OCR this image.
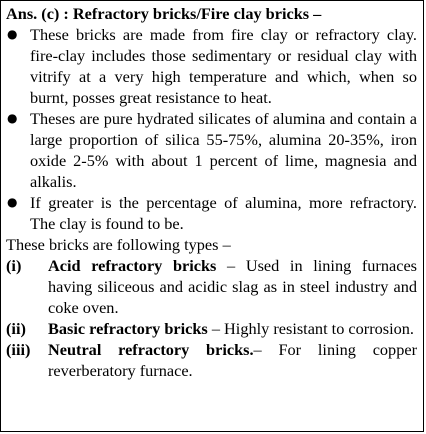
Ans. (c) : Refractory bricks/Fire clay bricks –

● These bricks are made from fire clay or refractory clay. fire-clay includes those sedimentary or residual clay with vitrify at a very high temperature and which, when so burnt, posses great resistance to heat.

● Theses are pure hydrated silicates of alumina and contain a large proportion of silica 55-75%, alumina 20-35%, iron oxide 2-5% with about 1 percent of lime, magnesia and alkalis.

● If greater is the percentage of alumina, more refractory. The clay is found to be.

These bricks are following types –

(i)	Acid refractory bricks – Used in lining furnaces having siliceous and acidic slag as in steel industry and coke oven.

(ii)	Basic refractory bricks – Highly resistant to corrosion.

(iii)	Neutral refractory bricks.– For lining copper reverberatory furnace.
